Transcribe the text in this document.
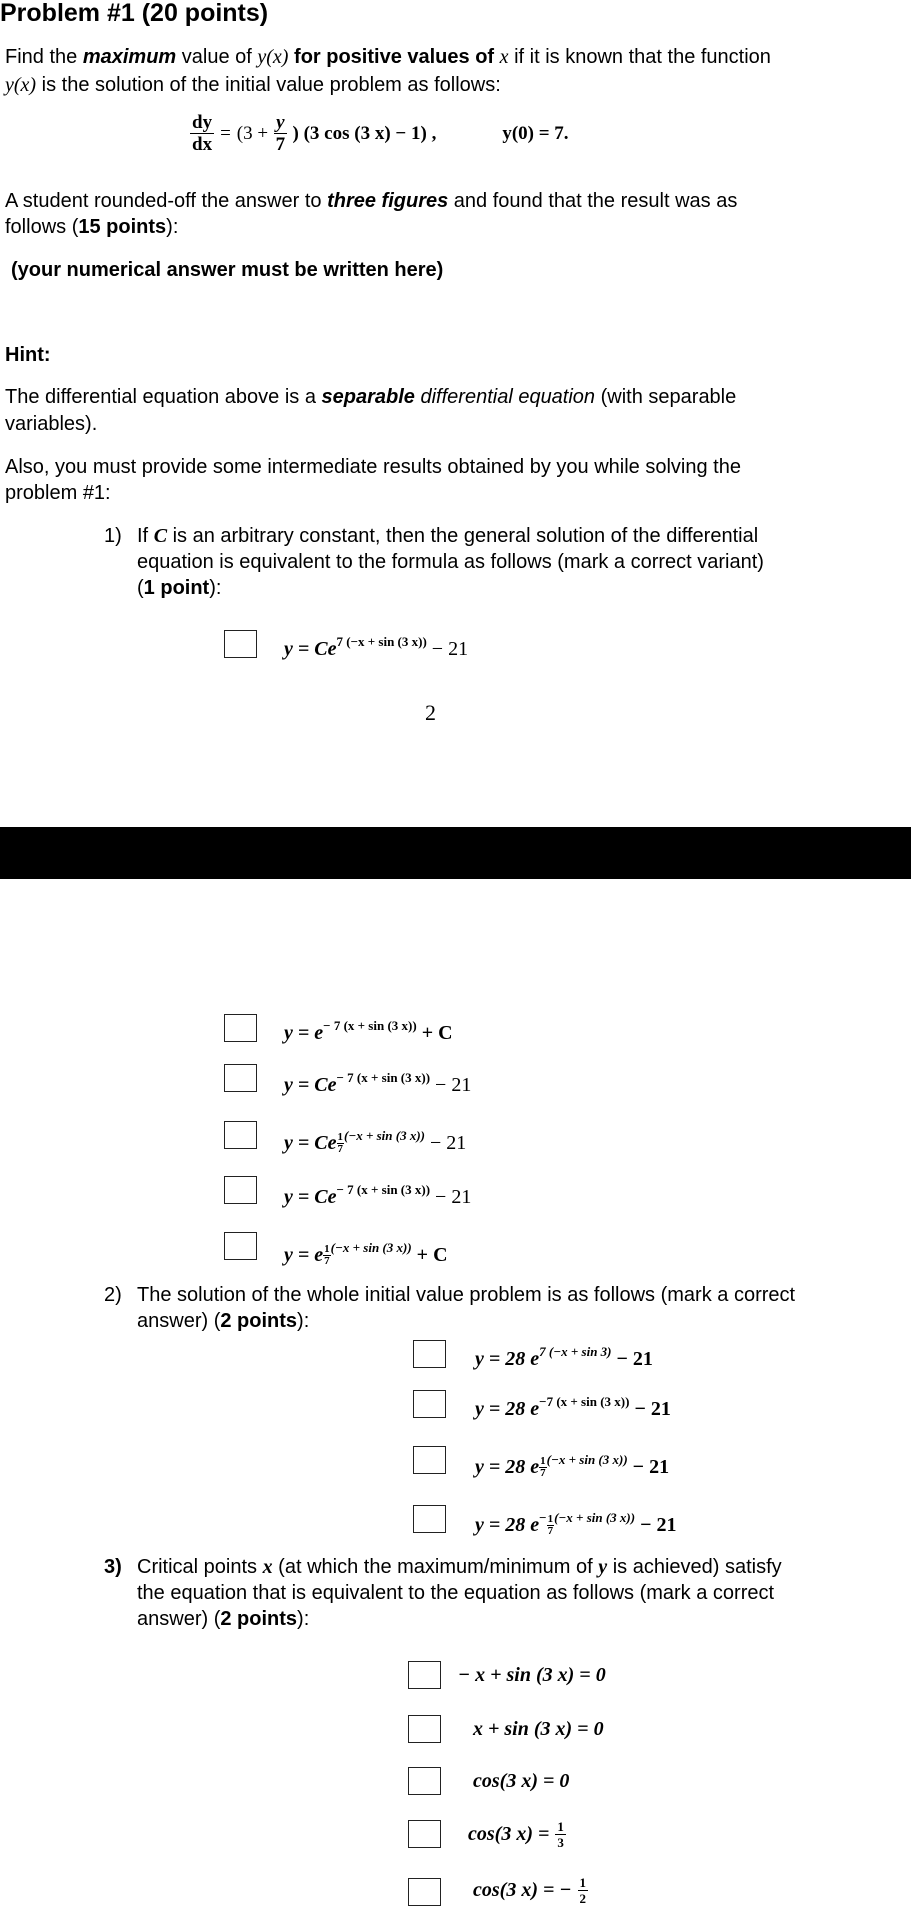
Problem #1 (20 points)
Find the maximum value of y(x) for positive values of x if it is known that the function
y(x) is the solution of the initial value problem as follows:
$\frac{dy}{dx} = (3 + \frac{y}{7}$ ) (3 cos (3 x) − 1) ,	y(0) = 7.
A student rounded-off the answer to three figures and found that the result was as
follows (15 points):
(your numerical answer must be written here)
Hint:
The differential equation above is a separable differential equation (with separable
variables).
Also, you must provide some intermediate results obtained by you while solving the
problem #1:
1) If C is an arbitrary constant, then the general solution of the differential
equation is equivalent to the formula as follows (mark a correct variant)
(1 point):
$y = Ce^{7 (-x + sin (3 x))} - 21$
2
$y = e^{- 7 (x + sin (3 x))} + C$
$y = Ce^{- 7 (x + sin (3 x))} - 21$
y = Ce $\frac{1}{7} ^{(-x + sin (3 x))} - 21$
$y = Ce^{- 7 (x + sin (3 x))} - 21$
y = e $\frac{1}{7} ^{(-x + sin (3 x))} + C$
2) The solution of the whole initial value problem is as follows (mark a correct
answer) (2 points):
y = 28 $e^{7 (-x + sin 3)} - 21$
y = 28 $e^{-7 (x + sin (3 x))} - 21$
y = 28 e $\frac{1}{7} ^{(-x + sin (3 x))} - 21$
y = 28 $e^- \frac{1}{7} ^{(-x + sin (3 x))} - 21$
3) Critical points x (at which the maximum/minimum of y is achieved) satisfy
the equation that is equivalent to the equation as follows (mark a correct
answer) (2 points):
− x + sin (3 x) = 0
x + sin (3 x) = 0
cos(3 x) = 0
cos(3 $x) = \frac{1}{3}$
cos(3 x) = − $\frac{1}{2}$
